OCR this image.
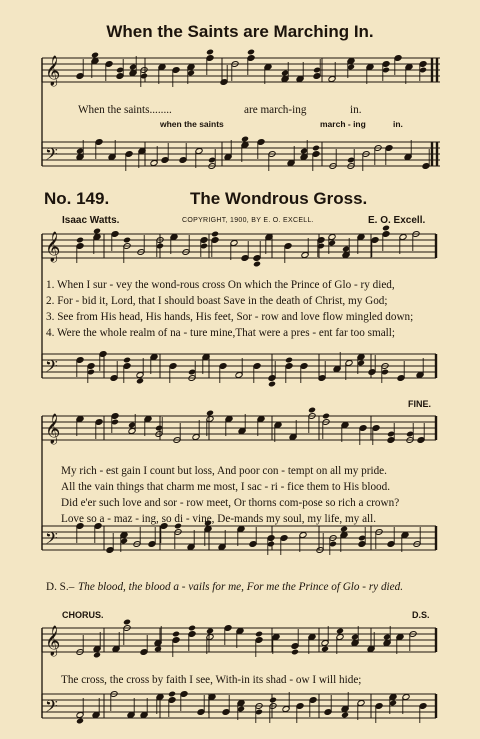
𝄞
𝄢
𝄞
𝄢
𝄞
𝄢
𝄞
𝄢
When the Saints are Marching In.
When the saints........	are march-ing	in.
when the saints	march - ing	in.
No. 149.	The Wondrous Gross.
Isaac Watts.	COPYRIGHT, 1900, BY E. O. EXCELL.	E. O. Excell.
1. When I sur - vey the wond-rous cross On which the Prince of Glo - ry died,
2. For - bid it, Lord, that I should boast Save in the death of Christ, my God;
3. See from His head, His hands, His feet, Sor - row and love flow mingled down;
4. Were the whole realm of na - ture mine,That were a pres - ent far too small;
FINE.
My rich - est gain I count but loss, And poor con - tempt on all my pride.
All the vain things that charm me most, I sac - ri - fice them to His blood.
Did e'er such love and sor - row meet, Or thorns com-pose so rich a crown?
Love so a - maz - ing, so di - vine, De-mands my soul, my life, my all.
D. S.– The blood, the blood a - vails for me, For me the Prince of Glo - ry died.
CHORUS.	D.S.
The cross, the cross by faith I see, With-in its shad - ow I will hide;
